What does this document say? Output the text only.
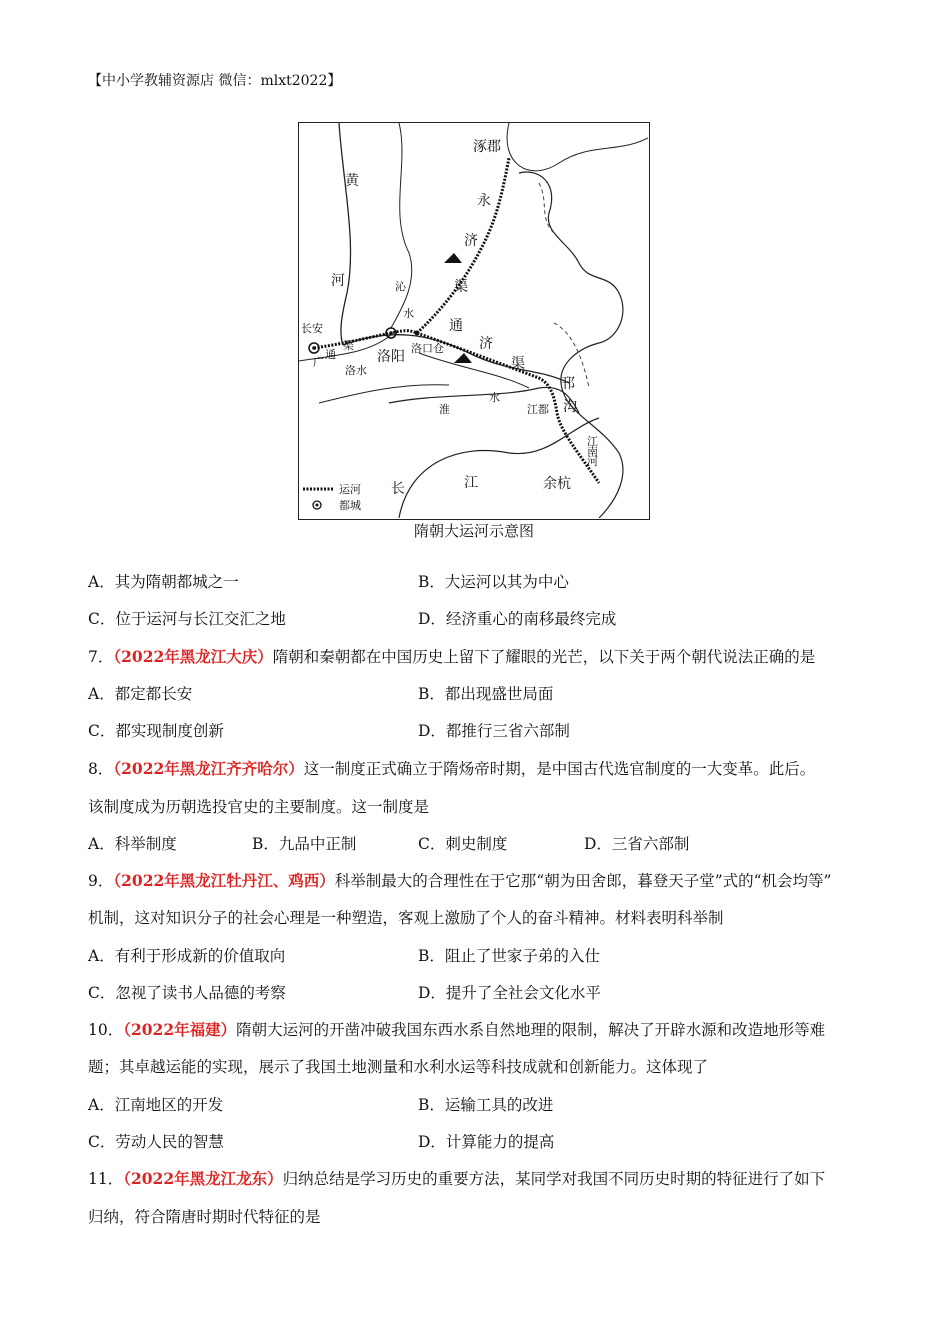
【中小学教辅资源店 微信：mlxt2022】
涿郡
永
济
渠
黄
河	沁
水
长安
洛阳
洛口仓
广
通
渠
洛水
通
济
渠
淮
水
江都
邗
沟
江
南
河
余杭
长	江
运河
都城
隋朝大运河示意图
A．其为隋朝都城之一	B．大运河以其为中心
C．位于运河与长江交汇之地	D．经济重心的南移最终完成
7．（2022年黑龙江大庆）隋朝和秦朝都在中国历史上留下了耀眼的光芒，以下关于两个朝代说法正确的是
A．都定都长安	B．都出现盛世局面
C．都实现制度创新	D．都推行三省六部制
8．（2022年黑龙江齐齐哈尔）这一制度正式确立于隋炀帝时期，是中国古代选官制度的一大变革。此后。
该制度成为历朝选投官史的主要制度。这一制度是
A．科举制度	B．九品中正制	C．刺史制度	D．三省六部制
9．（2022年黑龙江牡丹江、鸡西）科举制最大的合理性在于它那“朝为田舍郎，暮登天子堂”式的“机会均等”
机制，这对知识分子的社会心理是一种塑造，客观上激励了个人的奋斗精神。材料表明科举制
A．有利于形成新的价值取向	B．阻止了世家子弟的入仕
C．忽视了读书人品德的考察	D．提升了全社会文化水平
10．（2022年福建）隋朝大运河的开凿冲破我国东西水系自然地理的限制，解决了开辟水源和改造地形等难
题；其卓越运能的实现，展示了我国土地测量和水利水运等科技成就和创新能力。这体现了
A．江南地区的开发	B．运输工具的改进
C．劳动人民的智慧	D．计算能力的提高
11．（2022年黑龙江龙东）归纳总结是学习历史的重要方法，某同学对我国不同历史时期的特征进行了如下
归纳，符合隋唐时期时代特征的是
